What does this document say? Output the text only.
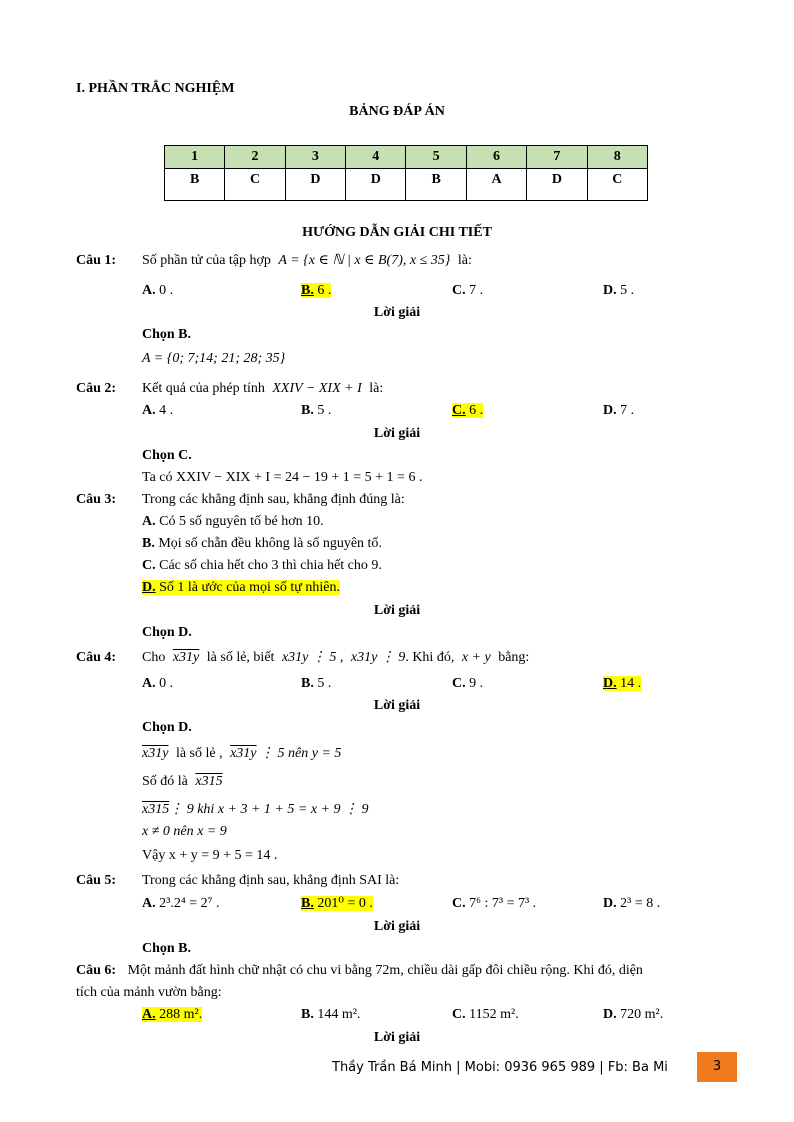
I. PHẦN TRẮC NGHIỆM
BẢNG ĐÁP ÁN
1	2	3	4	5	6	7	8
B	C	D	D	B	A	D	C
HƯỚNG DẪN GIẢI CHI TIẾT
Câu 1: Số phần tử của tập hợp A = {x ∈ ℕ | x ∈ B(7), x ≤ 35} là:
A. 0 .	B. 6 .	C. 7 .	D. 5 .
Lời giải
Chọn B.
A = {0; 7;14; 21; 28; 35}
Câu 2: Kết quả của phép tính XXIV − XIX + I là:
A. 4 .	B. 5 .	C. 6 .	D. 7 .
Lời giải
Chọn C.
Ta có XXIV − XIX + I = 24 − 19 + 1 = 5 + 1 = 6 .
Câu 3: Trong các khẳng định sau, khẳng định đúng là:
A. Có 5 số nguyên tố bé hơn 10.
B. Mọi số chẵn đều không là số nguyên tố.
C. Các số chia hết cho 3 thì chia hết cho 9.
D. Số 1 là ước của mọi số tự nhiên.
Lời giải
Chọn D.
Câu 4: Cho x31y là số lẻ, biết x31y ⋮ 5 , x31y ⋮ 9. Khi đó, x + y bằng:
A. 0 .	B. 5 .	C. 9 .	D. 14 .
Lời giải
Chọn D.
x31y là số lẻ , x31y ⋮ 5 nên y = 5
Số đó là x315
x315⋮ 9 khi x + 3 + 1 + 5 = x + 9 ⋮ 9
x ≠ 0 nên x = 9
Vậy x + y = 9 + 5 = 14 .
Câu 5: Trong các khẳng định sau, khẳng định SAI là:
A. 2³.2⁴ = 2⁷ .	B. 201⁰ = 0 .	C. 7⁶ : 7³ = 7³ .	D. 2³ = 8 .
Lời giải
Chọn B.
Câu 6: Một mảnh đất hình chữ nhật có chu vi bằng 72m, chiều dài gấp đôi chiều rộng. Khi đó, diện
tích của mảnh vườn bằng:
A. 288 m².	B. 144 m².	C. 1152 m².	D. 720 m².
Lời giải
Thầy Trần Bá Minh | Mobi: 0936 965 989 | Fb: Ba Mi	3
